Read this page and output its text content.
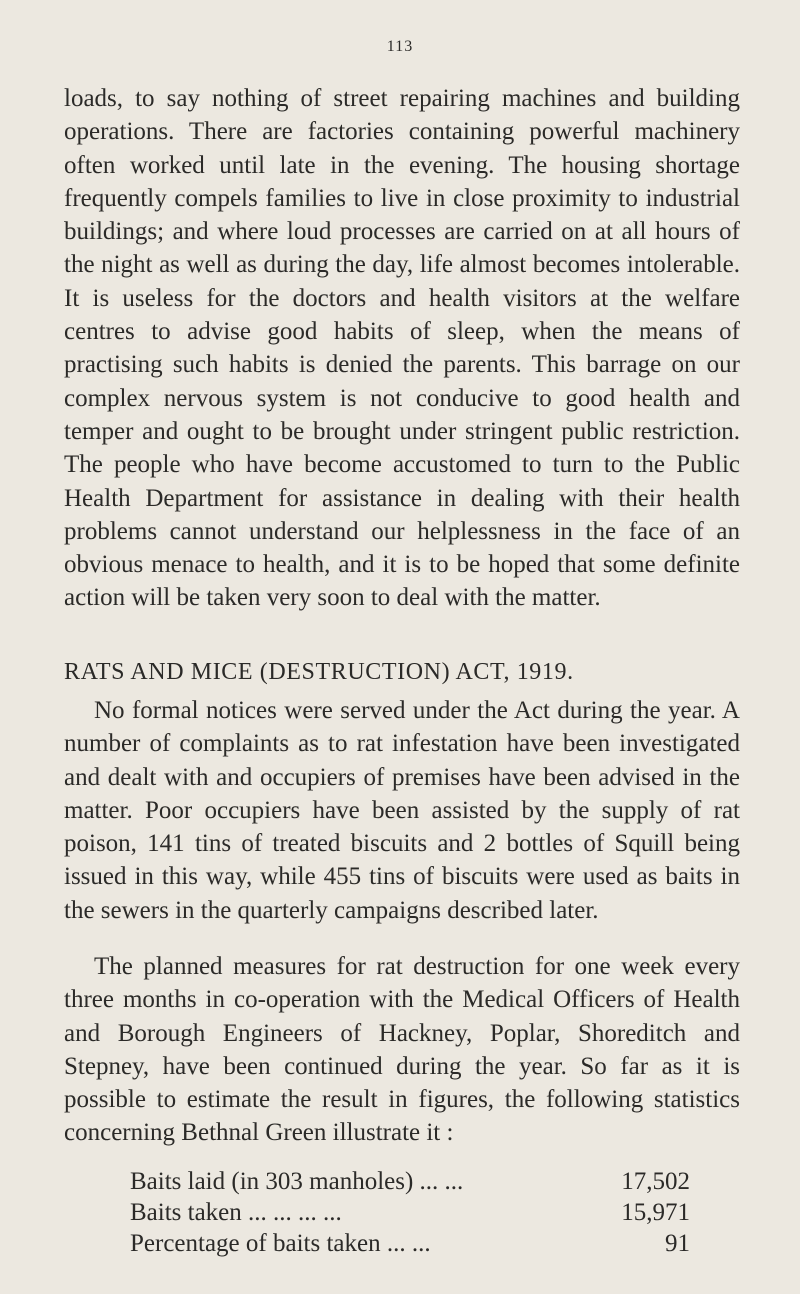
113

loads, to say nothing of street repairing machines and building operations. There are factories containing powerful machinery often worked until late in the evening. The housing shortage frequently compels families to live in close proximity to industrial buildings; and where loud processes are carried on at all hours of the night as well as during the day, life almost becomes intolerable. It is useless for the doctors and health visitors at the welfare centres to advise good habits of sleep, when the means of practising such habits is denied the parents. This barrage on our complex nervous system is not conducive to good health and temper and ought to be brought under stringent public restriction. The people who have become accustomed to turn to the Public Health Department for assistance in dealing with their health problems cannot understand our helplessness in the face of an obvious menace to health, and it is to be hoped that some definite action will be taken very soon to deal with the matter.

RATS AND MICE (DESTRUCTION) ACT, 1919.

No formal notices were served under the Act during the year. A number of complaints as to rat infestation have been investigated and dealt with and occupiers of premises have been advised in the matter. Poor occupiers have been assisted by the supply of rat poison, 141 tins of treated biscuits and 2 bottles of Squill being issued in this way, while 455 tins of biscuits were used as baits in the sewers in the quarterly campaigns described later.

The planned measures for rat destruction for one week every three months in co-operation with the Medical Officers of Health and Borough Engineers of Hackney, Poplar, Shoreditch and Stepney, have been continued during the year. So far as it is possible to estimate the result in figures, the following statistics concerning Bethnal Green illustrate it :

Baits laid (in 303 manholes) ... ...	17,502
Baits taken ... ... ... ...	15,971
Percentage of baits taken ... ...	91
